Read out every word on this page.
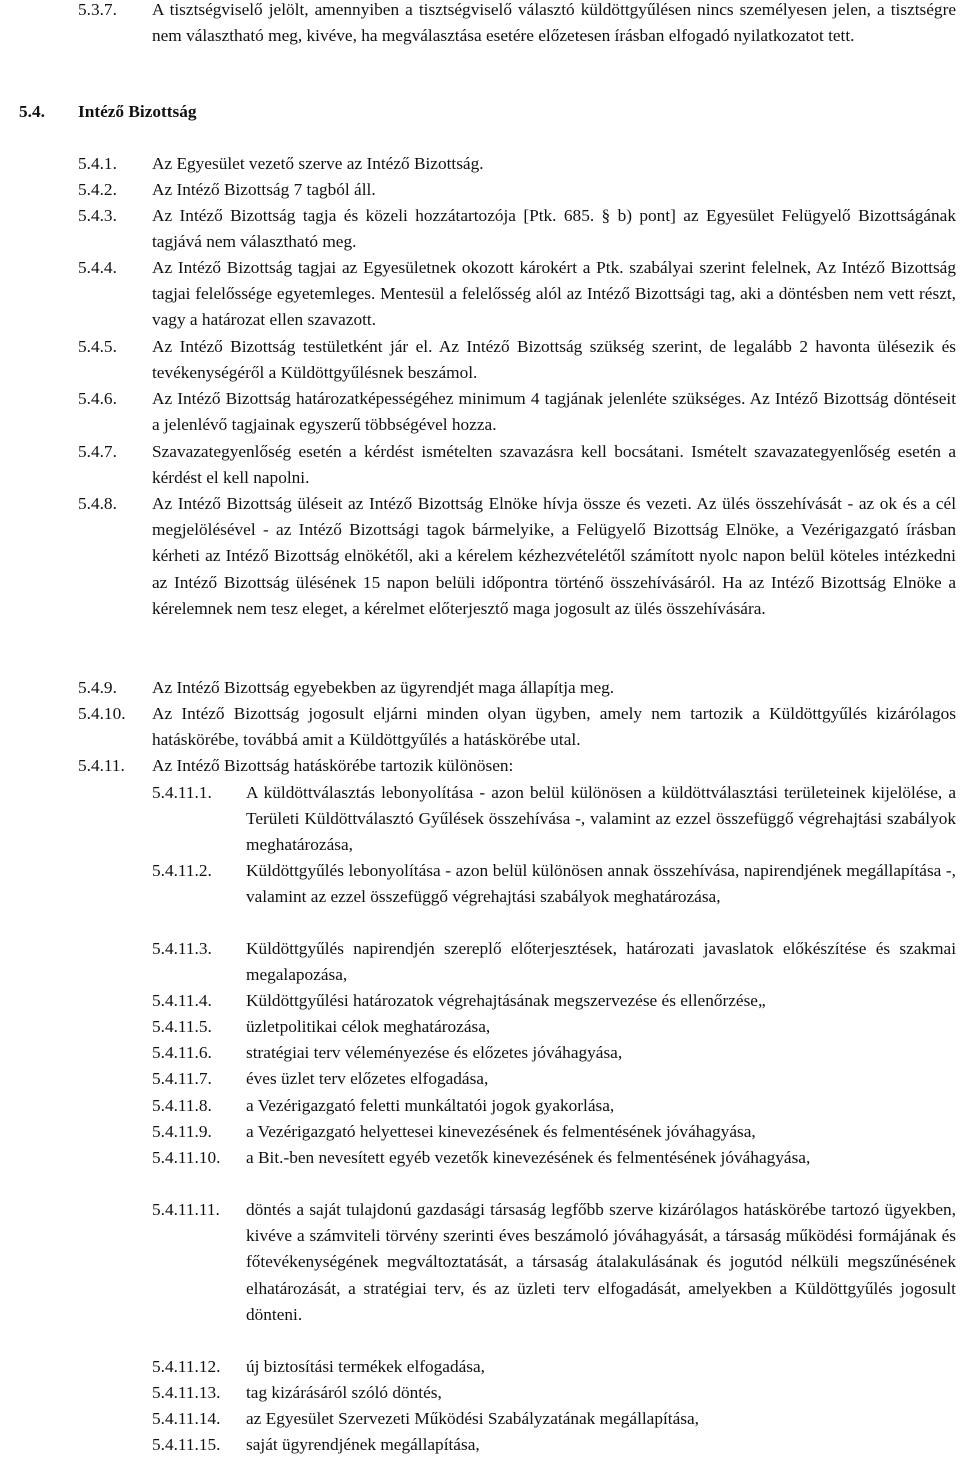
5.3.7. A tisztségviselő jelölt, amennyiben a tisztségviselő választó küldöttgyűlésen nincs személyesen jelen, a tisztségre nem választható meg, kivéve, ha megválasztása esetére előzetesen írásban elfogadó nyilatkozatot tett.
5.4. Intéző Bizottság
5.4.1. Az Egyesület vezető szerve az Intéző Bizottság.
5.4.2. Az Intéző Bizottság 7 tagból áll.
5.4.3. Az Intéző Bizottság tagja és közeli hozzátartozója [Ptk. 685. § b) pont] az Egyesület Felügyelő Bizottságának tagjává nem választható meg.
5.4.4. Az Intéző Bizottság tagjai az Egyesületnek okozott károkért a Ptk. szabályai szerint felelnek, Az Intéző Bizottság tagjai felelőssége egyetemleges. Mentesül a felelősség alól az Intéző Bizottsági tag, aki a döntésben nem vett részt, vagy a határozat ellen szavazott.
5.4.5. Az Intéző Bizottság testületként jár el. Az Intéző Bizottság szükség szerint, de legalább 2 havonta ülésezik és tevékenységéről a Küldöttgyűlésnek beszámol.
5.4.6. Az Intéző Bizottság határozatképességéhez minimum 4 tagjának jelenléte szükséges. Az Intéző Bizottság döntéseit a jelenlévő tagjainak egyszerű többségével hozza.
5.4.7. Szavazategyenlőség esetén a kérdést ismételten szavazásra kell bocsátani. Ismételt szavazategyenlőség esetén a kérdést el kell napolni.
5.4.8. Az Intéző Bizottság üléseit az Intéző Bizottság Elnöke hívja össze és vezeti. Az ülés összehívását - az ok és a cél megjelölésével - az Intéző Bizottsági tagok bármelyike, a Felügyelő Bizottság Elnöke, a Vezérigazgató írásban kérheti az Intéző Bizottság elnökétől, aki a kérelem kézhezvételétől számított nyolc napon belül köteles intézkedni az Intéző Bizottság ülésének 15 napon belüli időpontra történő összehívásáról. Ha az Intéző Bizottság Elnöke a kérelemnek nem tesz eleget, a kérelmet előterjesztő maga jogosult az ülés összehívására.
5.4.9. Az Intéző Bizottság egyebekben az ügyrendjét maga állapítja meg.
5.4.10. Az Intéző Bizottság jogosult eljárni minden olyan ügyben, amely nem tartozik a Küldöttgyűlés kizárólagos hatáskörébe, továbbá amit a Küldöttgyűlés a hatáskörébe utal.
5.4.11. Az Intéző Bizottság hatáskörébe tartozik különösen:
5.4.11.1. A küldöttválasztás lebonyolítása - azon belül különösen a küldöttválasztási területeinek kijelölése, a Területi Küldöttválasztó Gyűlések összehívása -, valamint az ezzel összefüggő végrehajtási szabályok meghatározása,
5.4.11.2. Küldöttgyűlés lebonyolítása - azon belül különösen annak összehívása, napirendjének megállapítása -, valamint az ezzel összefüggő végrehajtási szabályok meghatározása,
5.4.11.3. Küldöttgyűlés napirendjén szereplő előterjesztések, határozati javaslatok előkészítése és szakmai megalapozása,
5.4.11.4. Küldöttgyűlési határozatok végrehajtásának megszervezése és ellenőrzése„
5.4.11.5. üzletpolitikai célok meghatározása,
5.4.11.6. stratégiai terv véleményezése és előzetes jóváhagyása,
5.4.11.7. éves üzlet terv előzetes elfogadása,
5.4.11.8. a Vezérigazgató feletti munkáltatói jogok gyakorlása,
5.4.11.9. a Vezérigazgató helyettesei kinevezésének és felmentésének jóváhagyása,
5.4.11.10. a Bit.-ben nevesített egyéb vezetők kinevezésének és felmentésének jóváhagyása,
5.4.11.11. döntés a saját tulajdonú gazdasági társaság legfőbb szerve kizárólagos hatáskörébe tartozó ügyekben, kivéve a számviteli törvény szerinti éves beszámoló jóváhagyását, a társaság működési formájának és főtevékenységének megváltoztatását, a társaság átalakulásának és jogutód nélküli megszűnésének elhatározását, a stratégiai terv, és az üzleti terv elfogadását, amelyekben a Küldöttgyűlés jogosult dönteni.
5.4.11.12. új biztosítási termékek elfogadása,
5.4.11.13. tag kizárásáról szóló döntés,
5.4.11.14. az Egyesület Szervezeti Működési Szabályzatának megállapítása,
5.4.11.15. saját ügyrendjének megállapítása,
